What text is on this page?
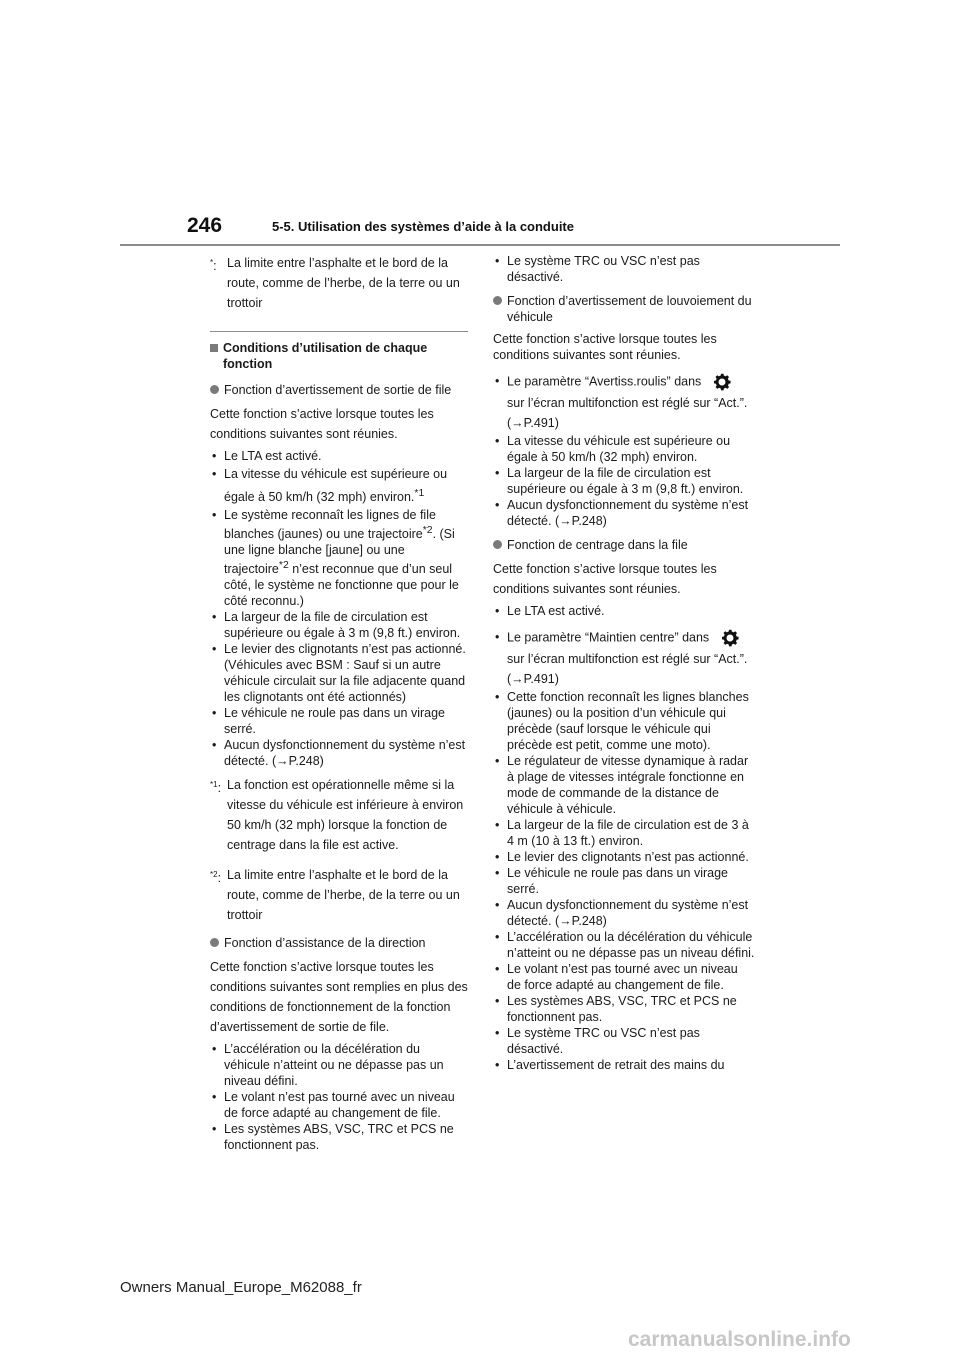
246	5-5. Utilisation des systèmes d’aide à la conduite
*: La limite entre l’asphalte et le bord de la route, comme de l’herbe, de la terre ou un trottoir
Conditions d’utilisation de chaque fonction
Fonction d’avertissement de sortie de file

Cette fonction s’active lorsque toutes les conditions suivantes sont réunies.

• Le LTA est activé.
• La vitesse du véhicule est supérieure ou égale à 50 km/h (32 mph) environ.$^{*1}$
• Le système reconnaît les lignes de file blanches (jaunes) ou une trajectoire$^{*2}$. (Si une ligne blanche [jaune] ou une trajectoire$^{*2}$ n’est reconnue que d’un seul côté, le système ne fonctionne que pour le côté reconnu.)
• La largeur de la file de circulation est supérieure ou égale à 3 m (9,8 ft.) environ.
• Le levier des clignotants n’est pas actionné. (Véhicules avec BSM : Sauf si un autre véhicule circulait sur la file adjacente quand les clignotants ont été actionnés)
• Le véhicule ne roule pas dans un virage serré.
• Aucun dysfonctionnement du système n’est détecté. (→P.248)
$^{*1}$: La fonction est opérationnelle même si la vitesse du véhicule est inférieure à environ 50 km/h (32 mph) lorsque la fonction de centrage dans la file est active.
$^{*2}$: La limite entre l’asphalte et le bord de la route, comme de l’herbe, de la terre ou un trottoir
Fonction d’assistance de la direction

Cette fonction s’active lorsque toutes les conditions suivantes sont remplies en plus des conditions de fonctionnement de la fonction d’avertissement de sortie de file.

• L’accélération ou la décélération du véhicule n’atteint ou ne dépasse pas un niveau défini.
• Le volant n’est pas tourné avec un niveau de force adapté au changement de file.
• Les systèmes ABS, VSC, TRC et PCS ne fonctionnent pas.
• Le système TRC ou VSC n’est pas désactivé.
Fonction d’avertissement de louvoiement du véhicule

Cette fonction s’active lorsque toutes les conditions suivantes sont réunies.

• Le paramètre “Avertiss.roulis” dans
sur l’écran multifonction est réglé sur “Act.”. (→P.491)
• La vitesse du véhicule est supérieure ou égale à 50 km/h (32 mph) environ.
• La largeur de la file de circulation est supérieure ou égale à 3 m (9,8 ft.) environ.
• Aucun dysfonctionnement du système n’est détecté. (→P.248)
Fonction de centrage dans la file

Cette fonction s’active lorsque toutes les conditions suivantes sont réunies.

• Le LTA est activé.
• Le paramètre “Maintien centre” dans
sur l’écran multifonction est réglé sur “Act.”. (→P.491)
• Cette fonction reconnaît les lignes blanches (jaunes) ou la position d’un véhicule qui précède (sauf lorsque le véhicule qui précède est petit, comme une moto).
• Le régulateur de vitesse dynamique à radar à plage de vitesses intégrale fonctionne en mode de commande de la distance de véhicule à véhicule.
• La largeur de la file de circulation est de 3 à 4 m (10 à 13 ft.) environ.
• Le levier des clignotants n’est pas actionné.
• Le véhicule ne roule pas dans un virage serré.
• Aucun dysfonctionnement du système n’est détecté. (→P.248)
• L’accélération ou la décélération du véhicule n’atteint ou ne dépasse pas un niveau défini.
• Le volant n’est pas tourné avec un niveau de force adapté au changement de file.
• Les systèmes ABS, VSC, TRC et PCS ne fonctionnent pas.
• Le système TRC ou VSC n’est pas désactivé.
• L’avertissement de retrait des mains du
Owners Manual_Europe_M62088_fr
carmanualsonline.info
